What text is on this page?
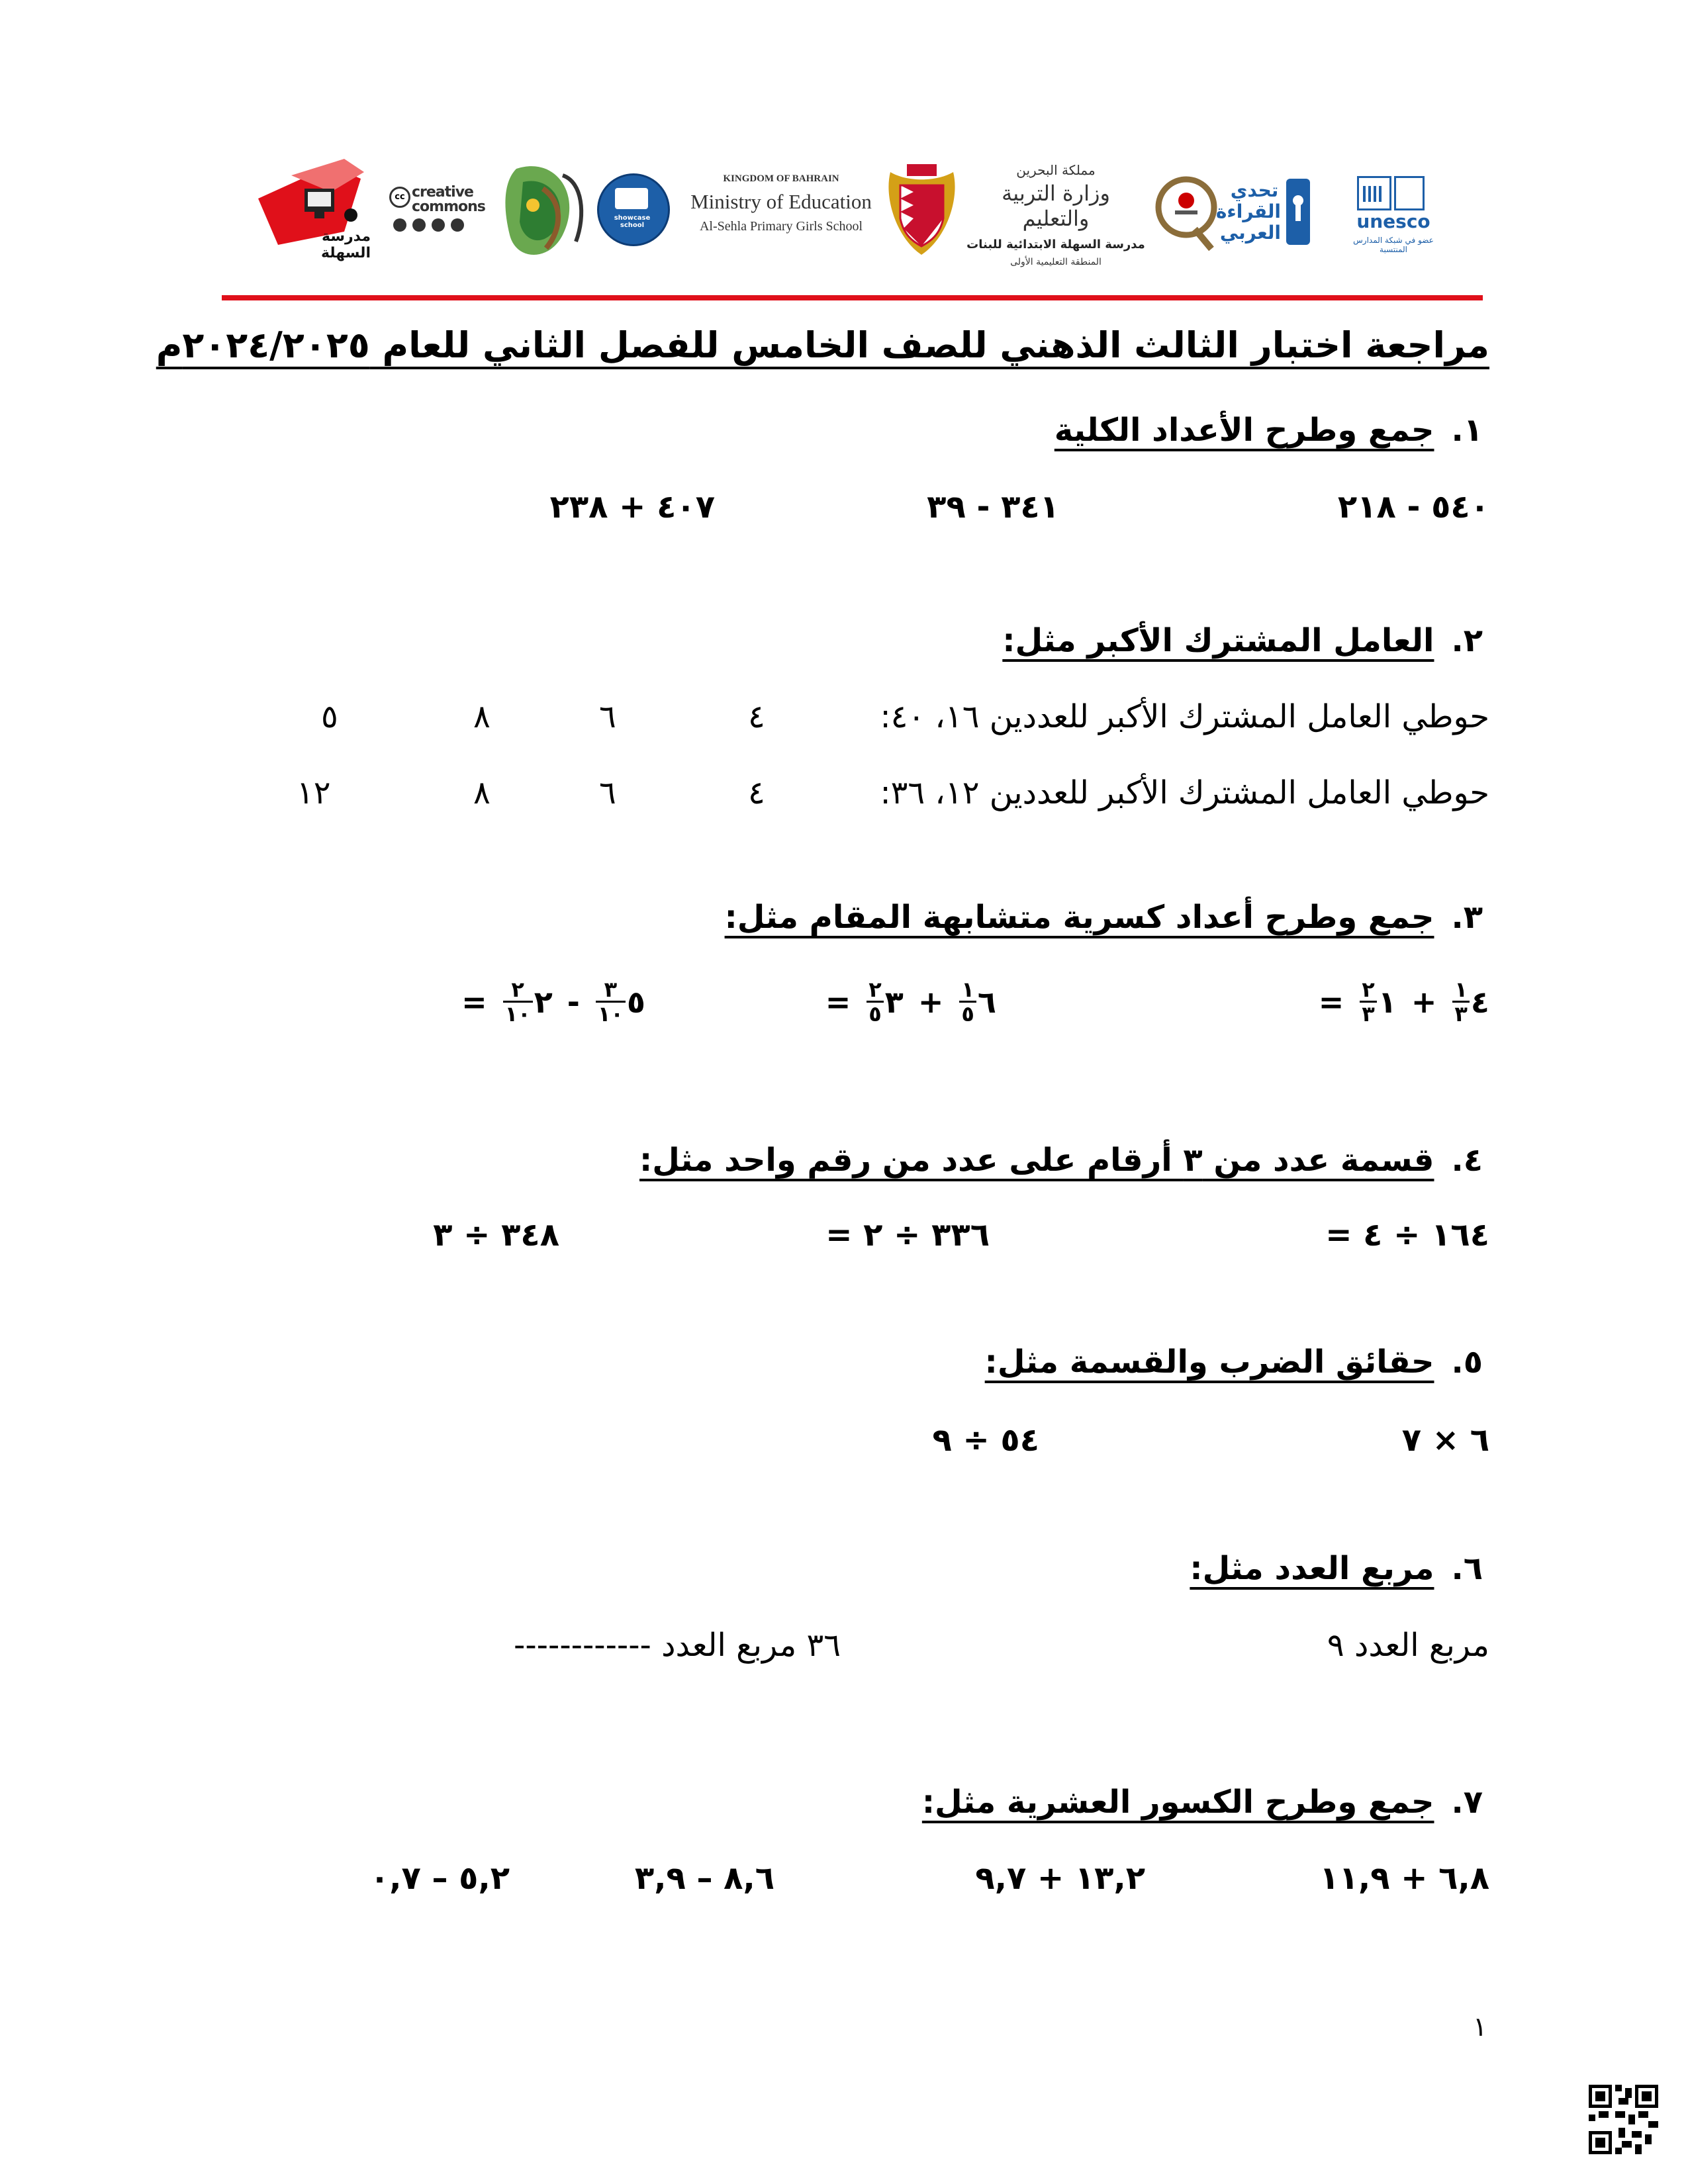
مدرسة السهلة
cc creative commons

showcase school
KINGDOM OF BAHRAIN
Ministry of Education
Al-Sehla Primary Girls School
مملكة البحرين
وزارة التربية والتعليم
مدرسة السهلة الابتدائية للبنات
المنطقة التعليمية الأولى
تحدي القراءة العربي
unesco
عضو في شبكة المدارس المنتسبة
مراجعة اختبار الثالث الذهني للصف الخامس للفصل الثاني للعام ٢٠٢٤/٢٠٢٥م
١.جمع وطرح الأعداد الكلية
٥٤٠ - ٢١٨
٣٤١ - ٣٩
٤٠٧ + ٢٣٨
٢.العامل المشترك الأكبر مثل:
حوطي العامل المشترك الأكبر للعددين ١٦، ٤٠:
٤
٦
٨
٥
حوطي العامل المشترك الأكبر للعددين ١٢، ٣٦:
٤
٦
٨
١٢
٣.جمع وطرح أعداد كسرية متشابهة المقام مثل:
٤
١
٣
+١
٢
٣
=
٦
١
٥
+٣
٢
٥
=
٥
٣
١٠
-٢
٢
١٠
=
٤.قسمة عدد من ٣ أرقام على عدد من رقم واحد مثل:
١٦٤ ÷ ٤ =
٣٣٦ ÷ ٢ =
٣٤٨ ÷ ٣
٥.حقائق الضرب والقسمة مثل:
٦ × ٧
٥٤ ÷ ٩
٦.مربع العدد مثل:
مربع العدد ٩
٣٦ مربع العدد ------------
٧.جمع وطرح الكسور العشرية مثل:
٦,٨ + ١١,٩
١٣,٢ + ٩,٧
٨,٦ – ٣,٩
٥,٢ – ٠,٧
١
